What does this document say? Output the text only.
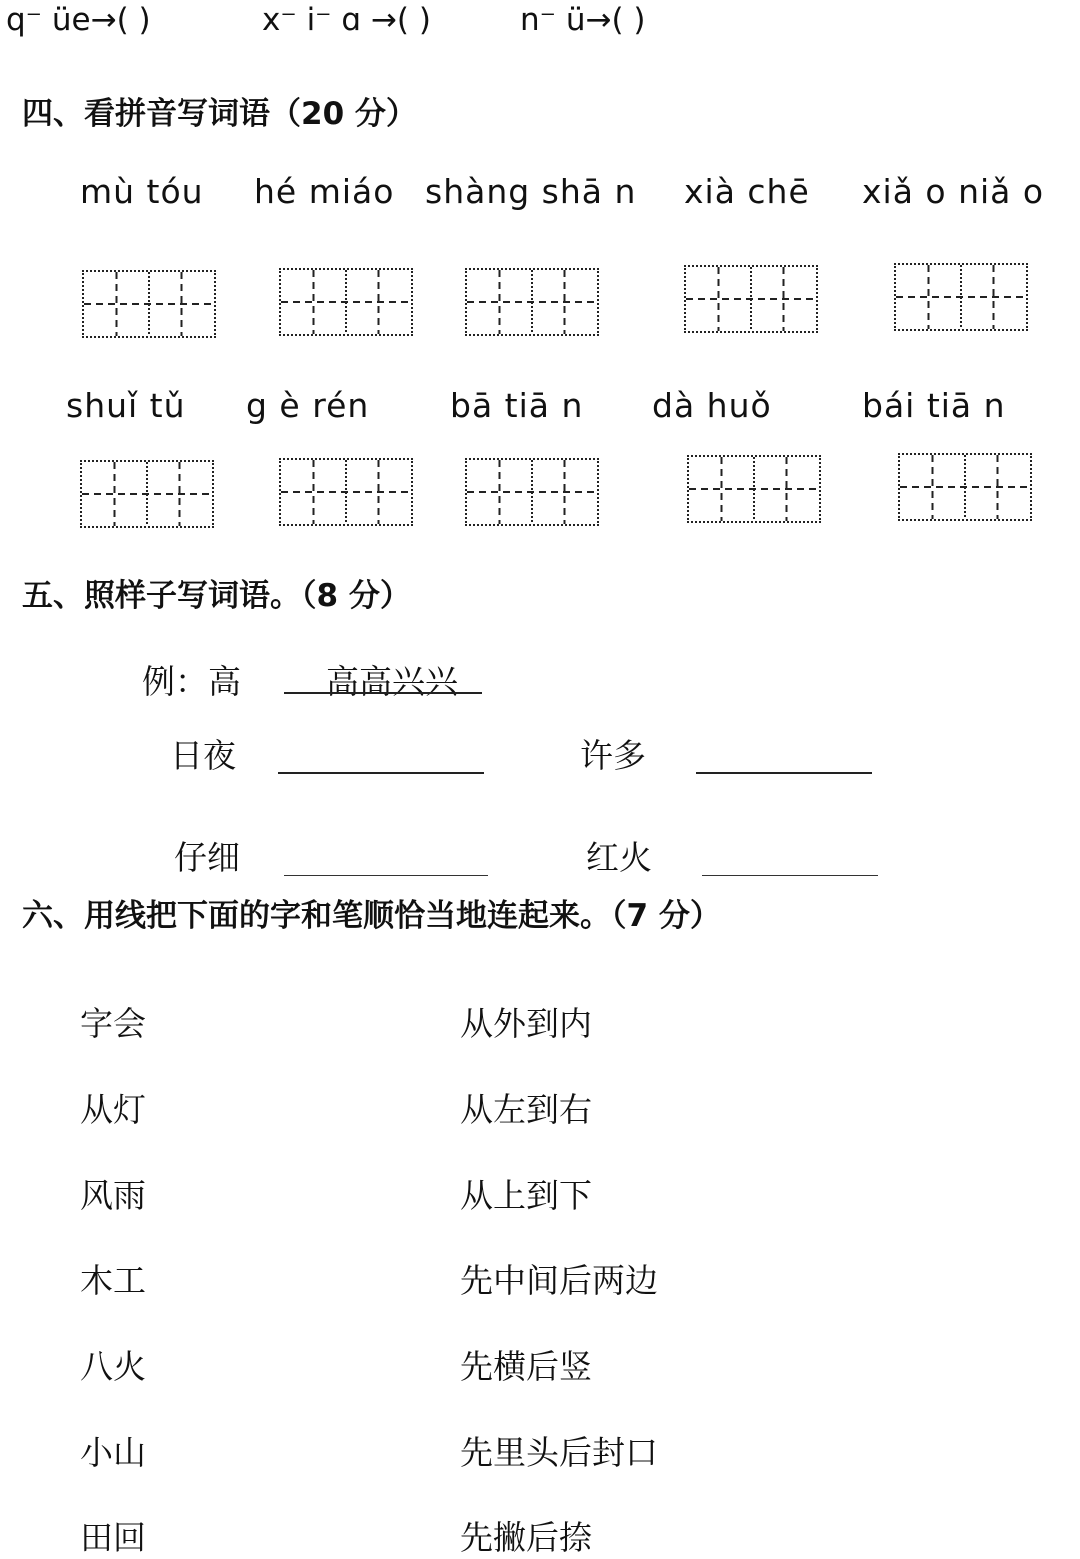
q⁻ üe→( )	x⁻ i⁻ ɑ →( )	n⁻ ü→( )
四、看拼音写词语（20 分）
mù tóu hé miáo shàng shā n xià chē xiǎ o niǎ o
shuǐ tǔ g è rén bā tiā n dà huǒ	bái tiā n
五、照样子写词语。（8 分）
例：高	高高兴兴
日夜	许多
仔细	红火
六、用线把下面的字和笔顺恰当地连起来。（7 分）
字会	从外到内
从灯	从左到右
风雨	从上到下
木工	先中间后两边
八火	先横后竖
小山	先里头后封口
田回	先撇后捺
